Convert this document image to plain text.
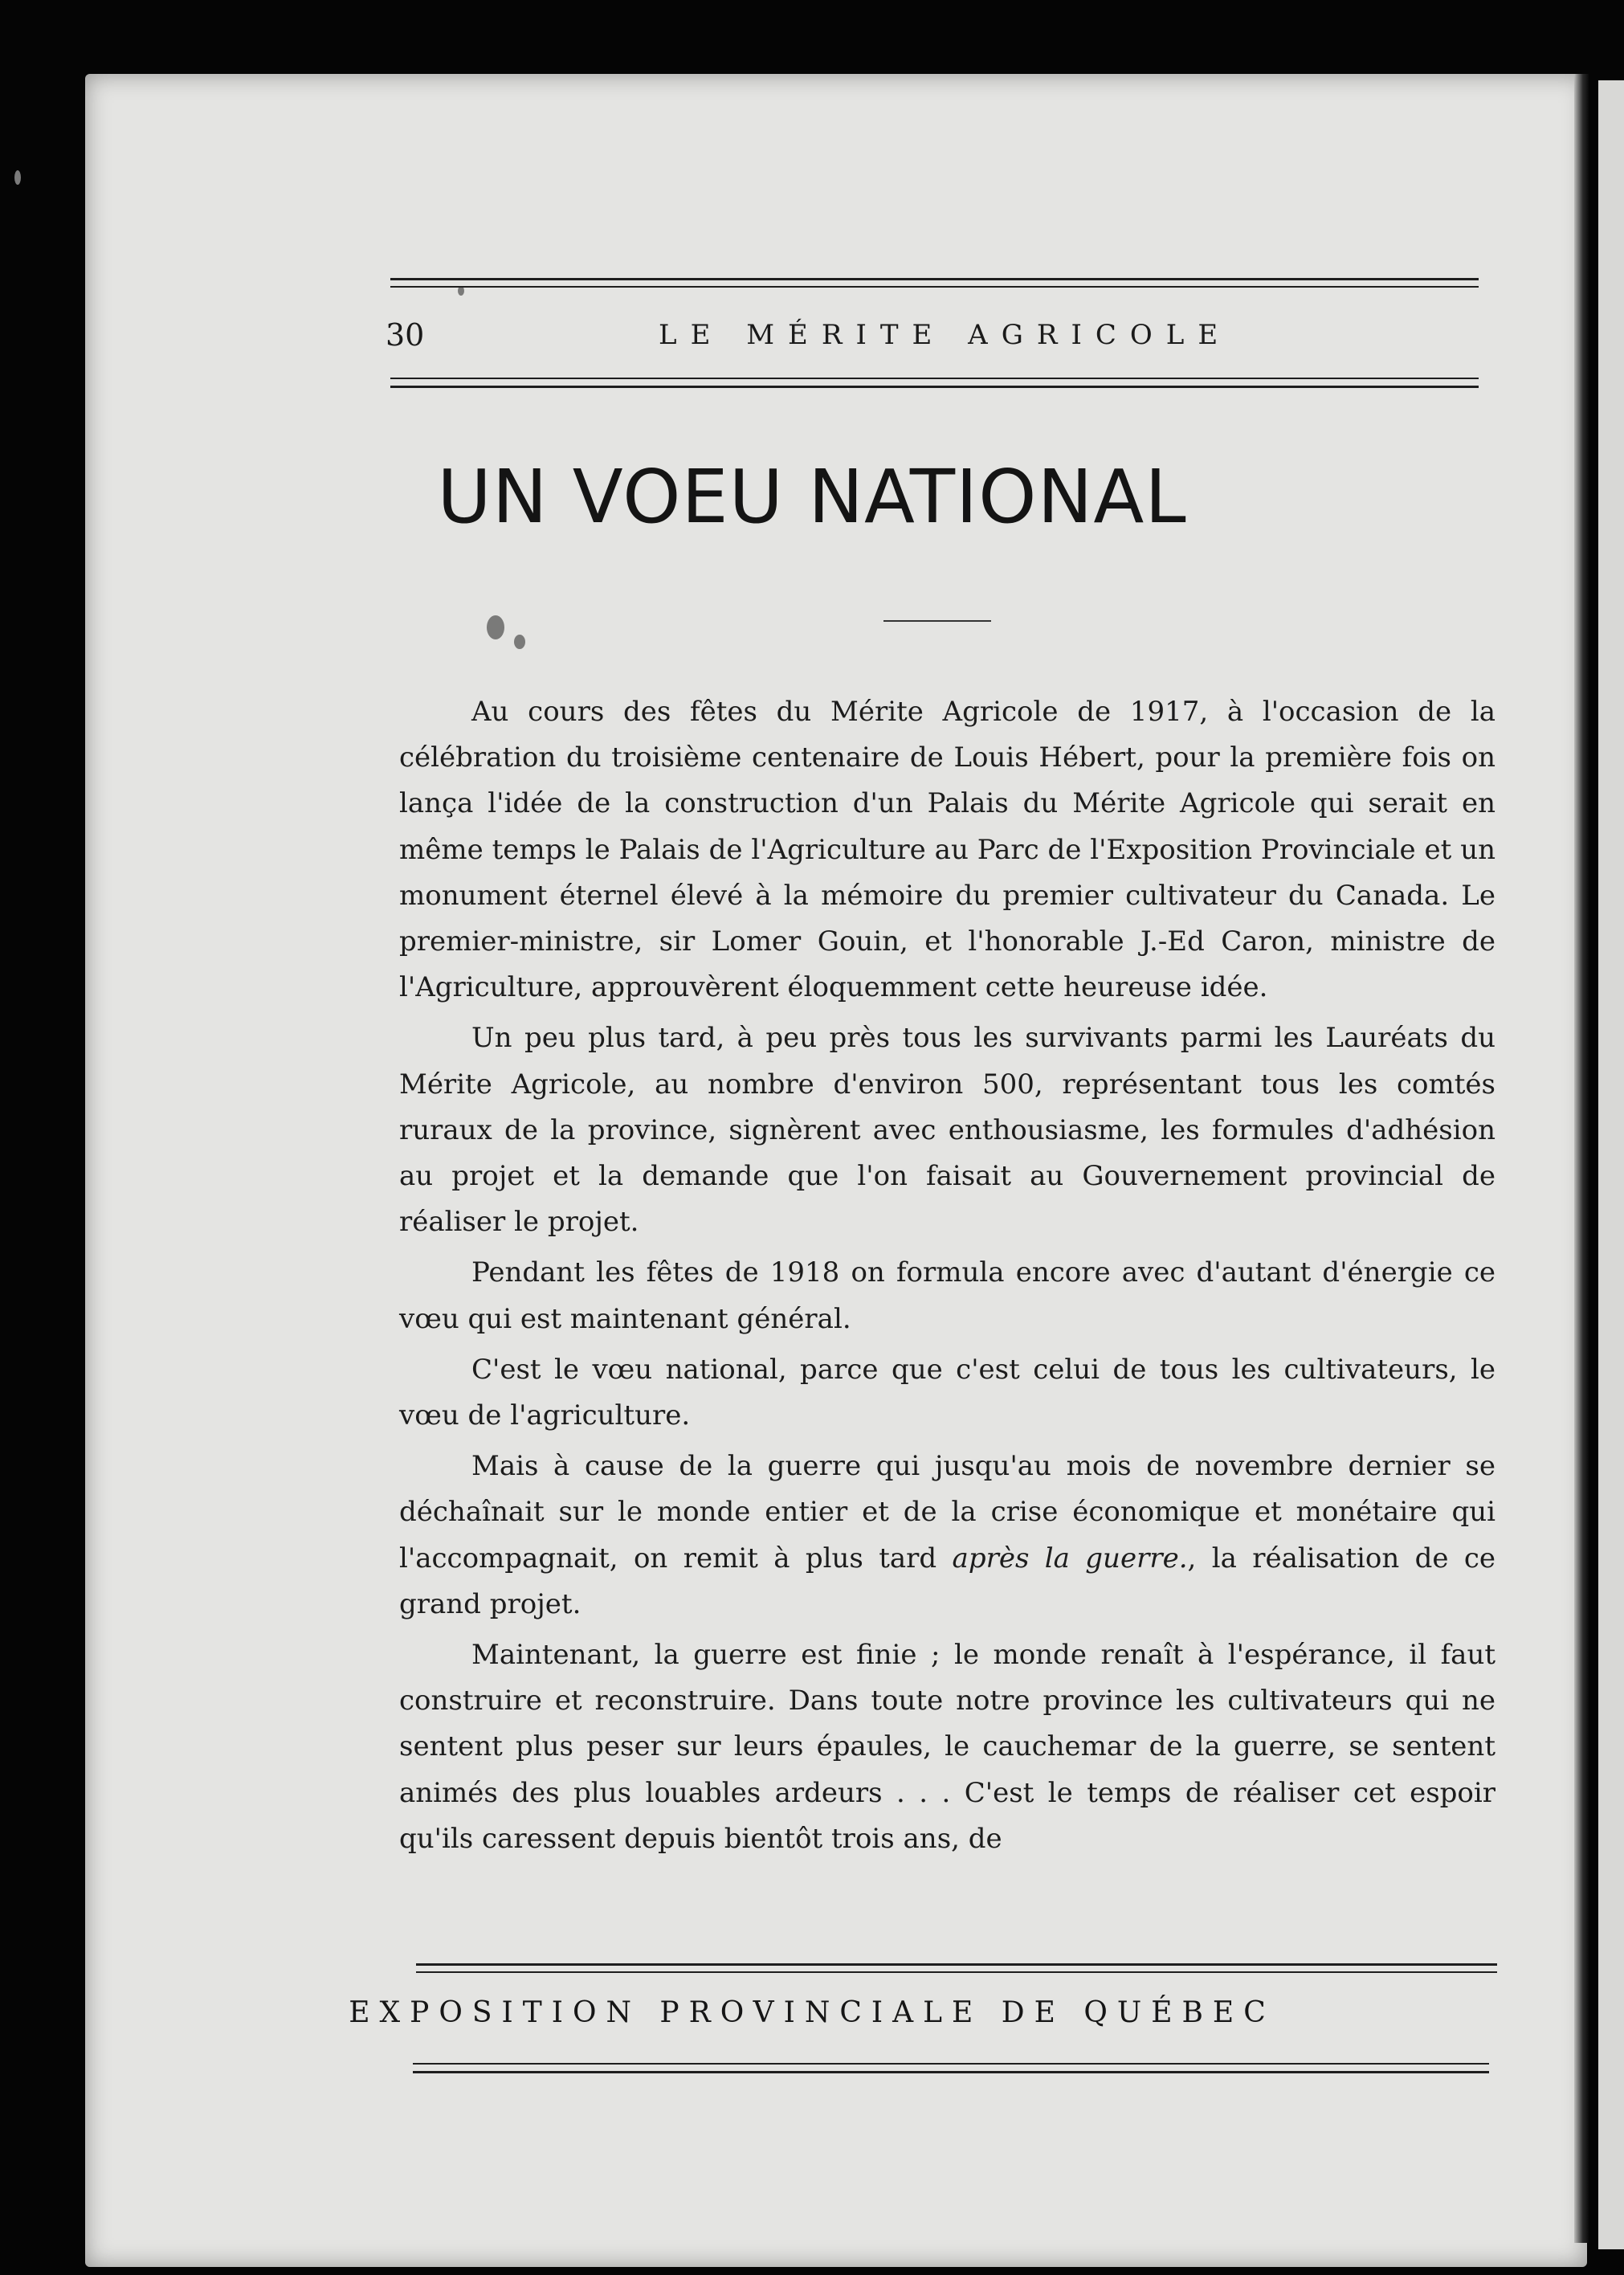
30	LE MÉRITE AGRICOLE
UN VOEU NATIONAL

Au cours des fêtes du Mérite Agricole de 1917, à l'occasion de la célébration du troisième centenaire de Louis Hébert, pour la première fois on lança l'idée de la construction d'un Palais du Mérite Agricole qui serait en même temps le Palais de l'Agriculture au Parc de l'Exposition Provinciale et un monument éternel élevé à la mémoire du premier cultivateur du Canada. Le premier-ministre, sir Lomer Gouin, et l'honorable J.-Ed Caron, ministre de l'Agriculture, approuvèrent éloquemment cette heureuse idée.

Un peu plus tard, à peu près tous les survivants parmi les Lauréats du Mérite Agricole, au nombre d'environ 500, représentant tous les comtés ruraux de la province, signèrent avec enthousiasme, les formules d'adhésion au projet et la demande que l'on faisait au Gouvernement provincial de réaliser le projet.

Pendant les fêtes de 1918 on formula encore avec d'autant d'énergie ce vœu qui est maintenant général.

C'est le vœu national, parce que c'est celui de tous les cultivateurs, le vœu de l'agriculture.

Mais à cause de la guerre qui jusqu'au mois de novembre dernier se déchaînait sur le monde entier et de la crise économique et monétaire qui l'accompagnait, on remit à plus tard après la guerre., la réalisation de ce grand projet.

Maintenant, la guerre est finie ; le monde renaît à l'espérance, il faut construire et reconstruire. Dans toute notre province les cultivateurs qui ne sentent plus peser sur leurs épaules, le cauchemar de la guerre, se sentent animés des plus louables ardeurs . . . C'est le temps de réaliser cet espoir qu'ils caressent depuis bientôt trois ans, de

EXPOSITION PROVINCIALE DE QUÉBEC
